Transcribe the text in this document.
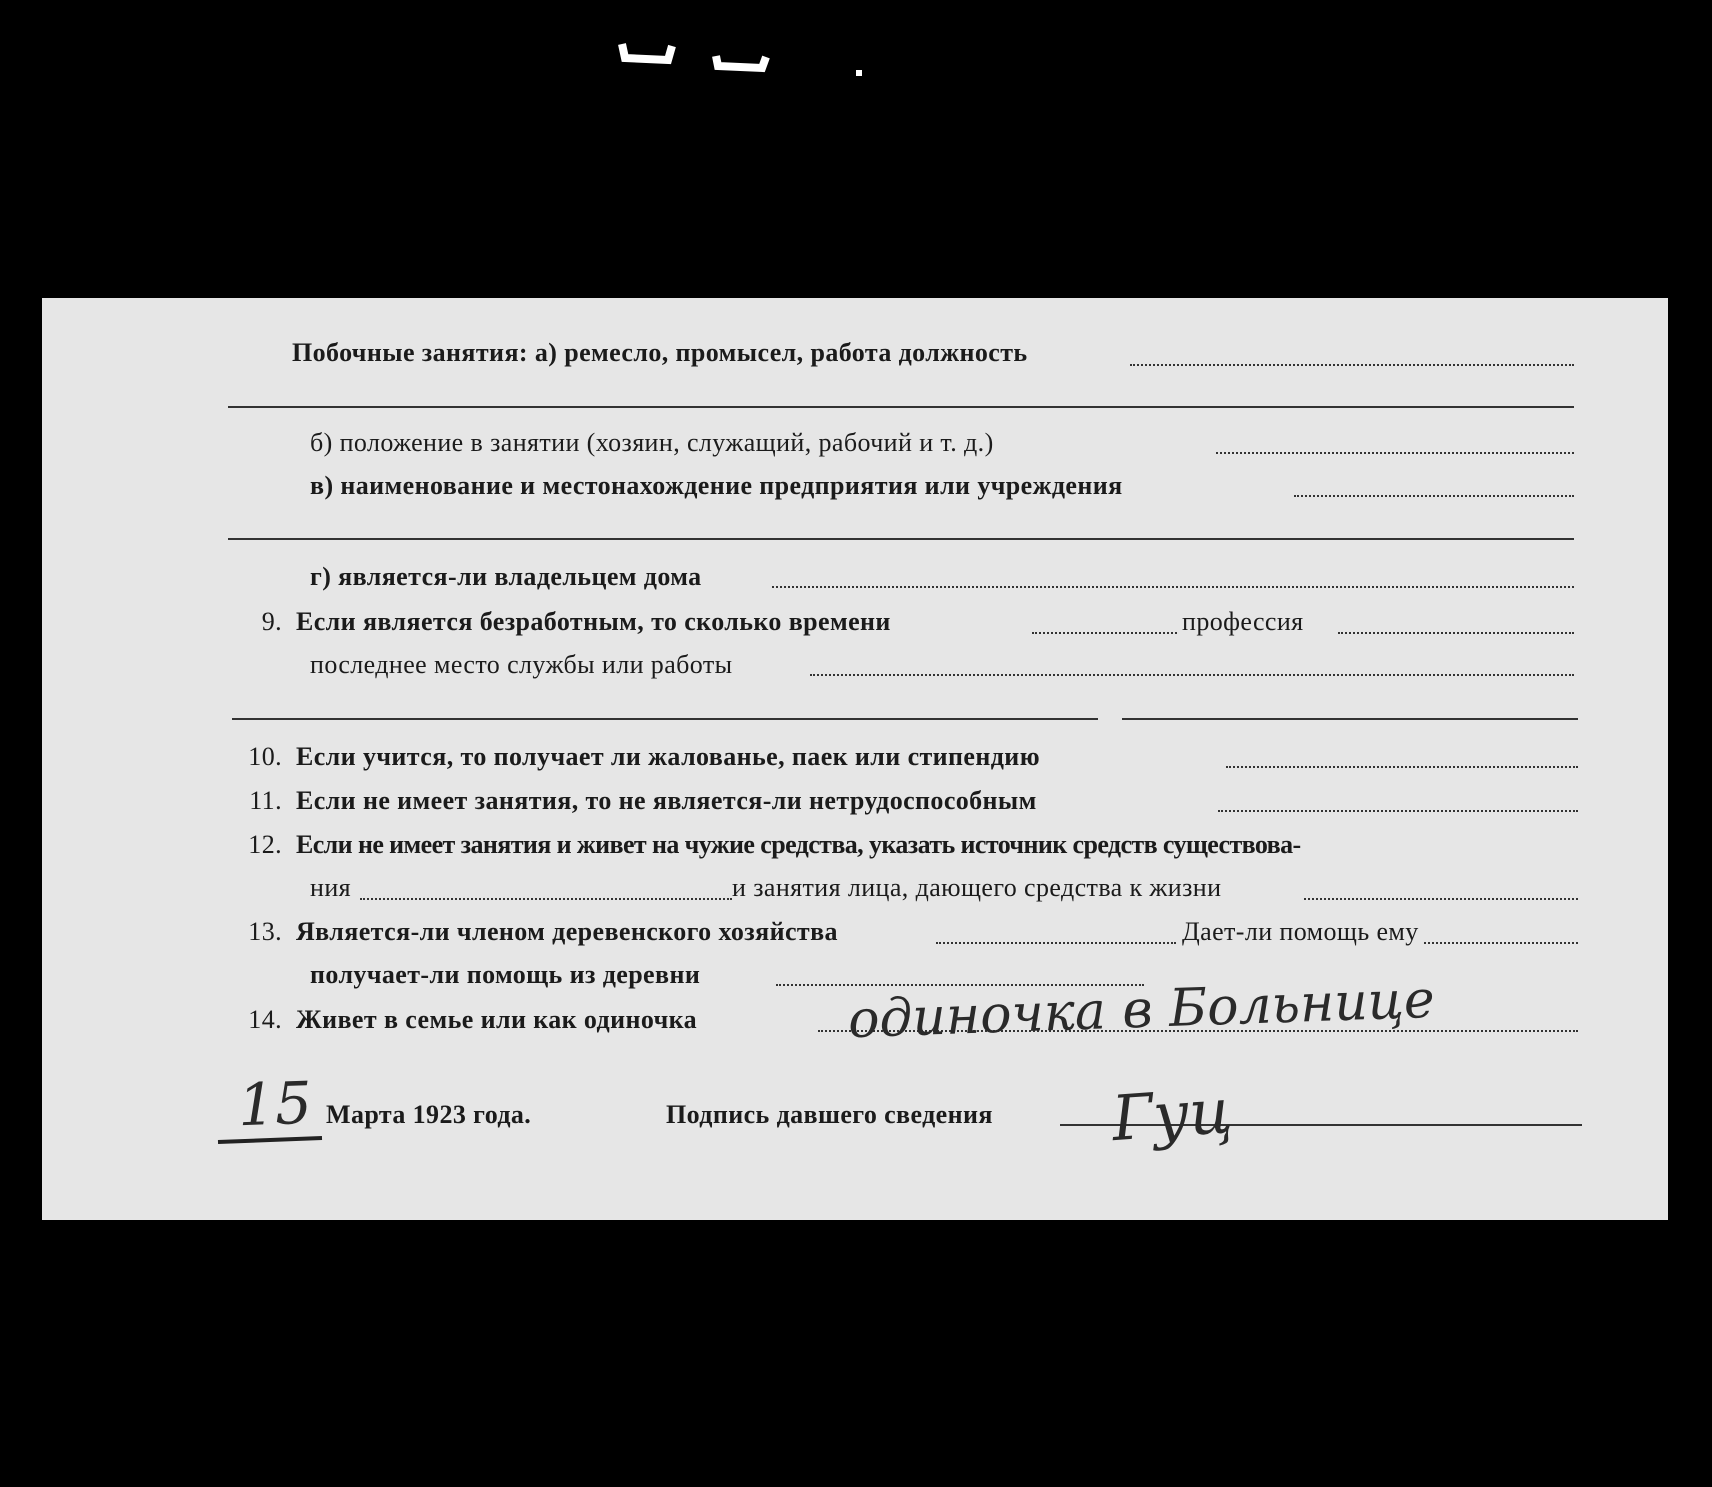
Побочные занятия: а) ремесло, промысел, работа должность
б) положение в занятии (хозяин, служащий, рабочий и т. д.)
в) наименование и местонахождение предприятия или учреждения
г) является-ли владельцем дома
9. Если является безработным, то сколько времени	профессия
последнее место службы или работы
10. Если учится, то получает ли жалованье, паек или стипендию
11. Если не имеет занятия, то не является-ли нетрудоспособным
12. Если не имеет занятия и живет на чужие средства, указать источник средств существова-
ния	и занятия лица, дающего средства к жизни
13. Является-ли членом деревенского хозяйства	Дает-ли помощь ему
получает-ли помощь из деревни
14. Живет в семье или как одиночка	одиночка в Больнице
15 Марта 1923 года.	Подпись давшего сведения Гуц
